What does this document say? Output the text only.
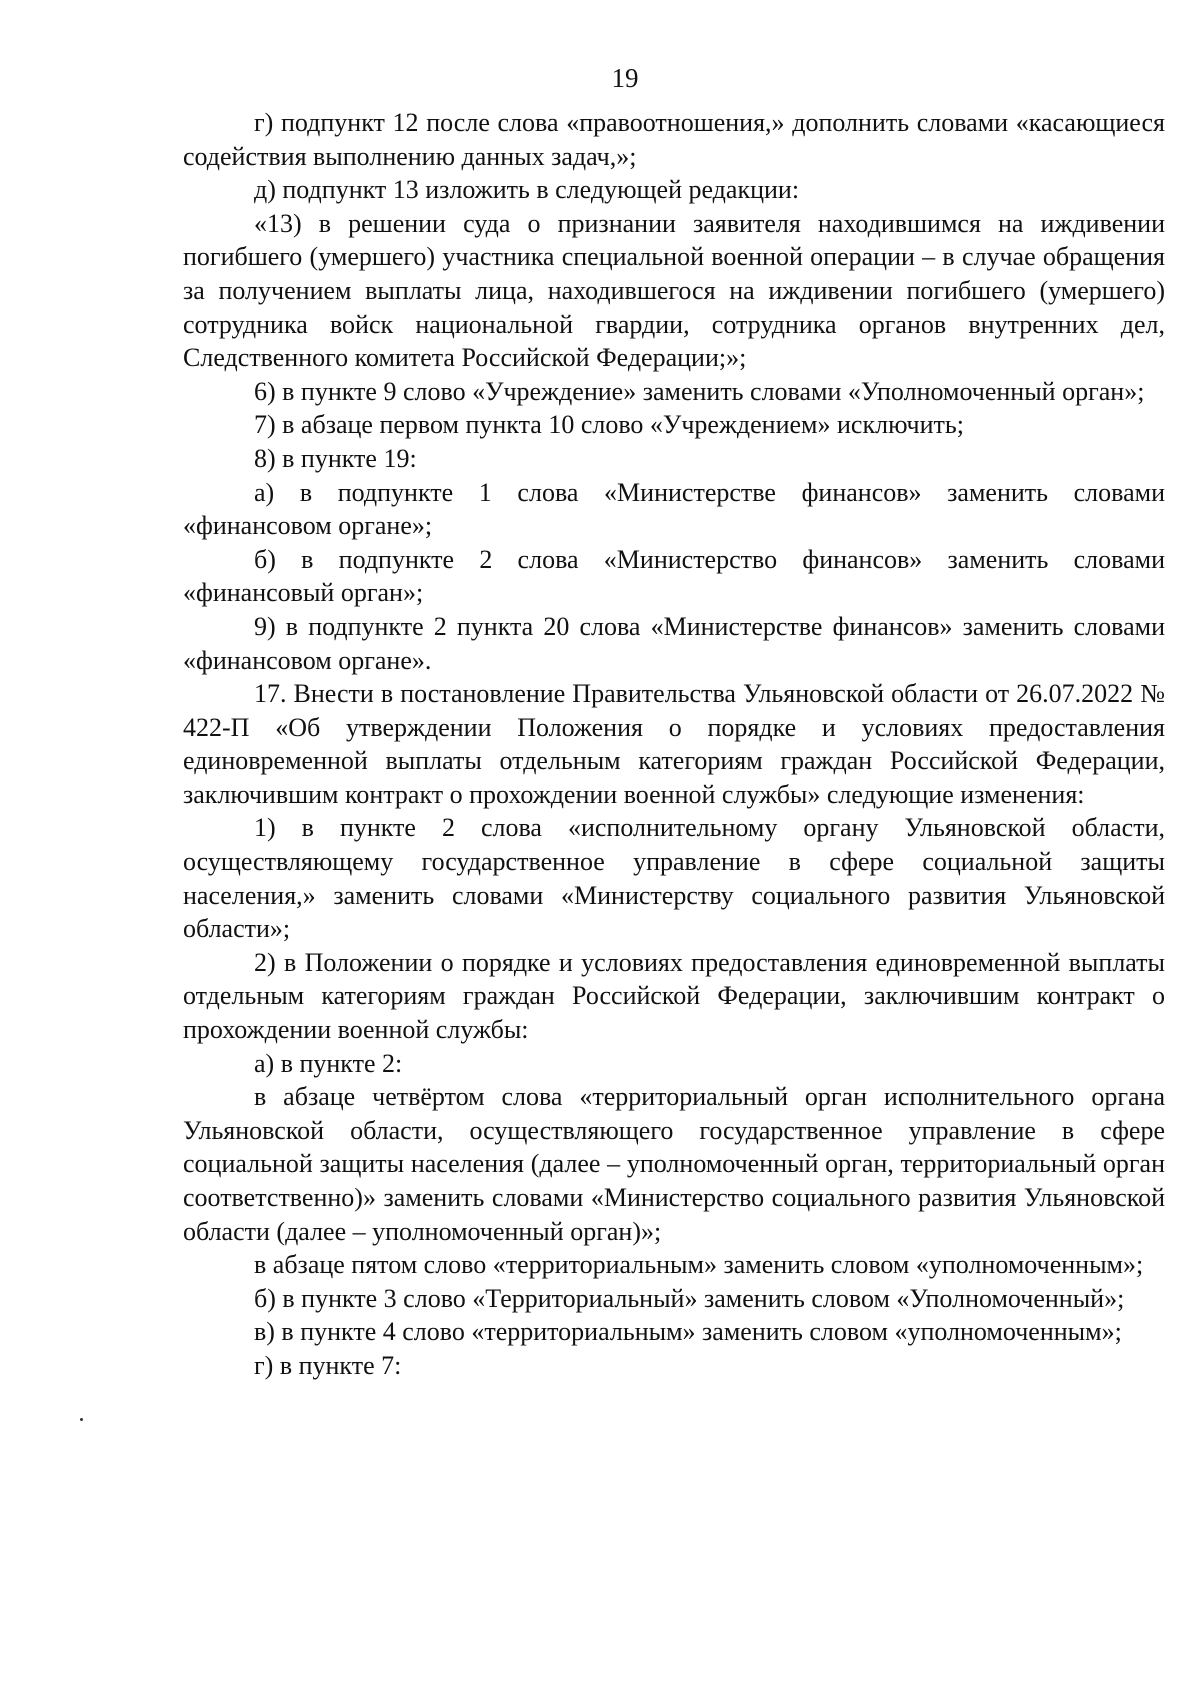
19

г) подпункт 12 после слова «правоотношения,» дополнить словами «касающиеся содействия выполнению данных задач,»;

д) подпункт 13 изложить в следующей редакции:

«13) в решении суда о признании заявителя находившимся на иждивении погибшего (умершего) участника специальной военной операции – в случае обращения за получением выплаты лица, находившегося на иждивении погибшего (умершего) сотрудника войск национальной гвардии, сотрудника органов внутренних дел, Следственного комитета Российской Федерации;»;

6) в пункте 9 слово «Учреждение» заменить словами «Уполномоченный орган»;

7) в абзаце первом пункта 10 слово «Учреждением» исключить;

8) в пункте 19:

а) в подпункте 1 слова «Министерстве финансов» заменить словами «финансовом органе»;

б) в подпункте 2 слова «Министерство финансов» заменить словами «финансовый орган»;

9) в подпункте 2 пункта 20 слова «Министерстве финансов» заменить словами «финансовом органе».

17. Внести в постановление Правительства Ульяновской области от 26.07.2022 № 422-П «Об утверждении Положения о порядке и условиях предоставления единовременной выплаты отдельным категориям граждан Российской Федерации, заключившим контракт о прохождении военной службы» следующие изменения:

1) в пункте 2 слова «исполнительному органу Ульяновской области, осуществляющему государственное управление в сфере социальной защиты населения,» заменить словами «Министерству социального развития Ульяновской области»;

2) в Положении о порядке и условиях предоставления единовременной выплаты отдельным категориям граждан Российской Федерации, заключившим контракт о прохождении военной службы:

а) в пункте 2:

в абзаце четвёртом слова «территориальный орган исполнительного органа Ульяновской области, осуществляющего государственное управление в сфере социальной защиты населения (далее – уполномоченный орган, территориальный орган соответственно)» заменить словами «Министерство социального развития Ульяновской области (далее – уполномоченный орган)»;

в абзаце пятом слово «территориальным» заменить словом «уполномоченным»;

б) в пункте 3 слово «Территориальный» заменить словом «Уполномоченный»;

в) в пункте 4 слово «территориальным» заменить словом «уполномоченным»;

г) в пункте 7:
